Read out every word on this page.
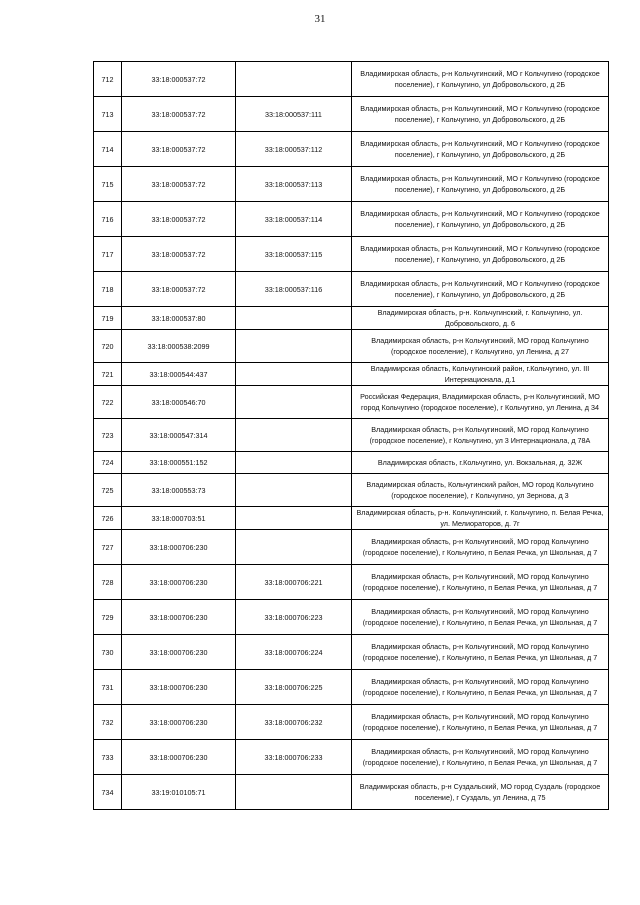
31
712	33:18:000537:72		Владимирская область, р-н Кольчугинский, МО г Кольчугино (городское поселение), г Кольчугино, ул Добровольского, д 2Б
713	33:18:000537:72	33:18:000537:111	Владимирская область, р-н Кольчугинский, МО г Кольчугино (городское поселение), г Кольчугино, ул Добровольского, д 2Б
714	33:18:000537:72	33:18:000537:112	Владимирская область, р-н Кольчугинский, МО г Кольчугино (городское поселение), г Кольчугино, ул Добровольского, д 2Б
715	33:18:000537:72	33:18:000537:113	Владимирская область, р-н Кольчугинский, МО г Кольчугино (городское поселение), г Кольчугино, ул Добровольского, д 2Б
716	33:18:000537:72	33:18:000537:114	Владимирская область, р-н Кольчугинский, МО г Кольчугино (городское поселение), г Кольчугино, ул Добровольского, д 2Б
717	33:18:000537:72	33:18:000537:115	Владимирская область, р-н Кольчугинский, МО г Кольчугино (городское поселение), г Кольчугино, ул Добровольского, д 2Б
718	33:18:000537:72	33:18:000537:116	Владимирская область, р-н Кольчугинский, МО г Кольчугино (городское поселение), г Кольчугино, ул Добровольского, д 2Б
719	33:18:000537:80		Владимирская область, р-н. Кольчугинский, г. Кольчугино, ул. Добровольского, д. 6
720	33:18:000538:2099		Владимирская область, р-н Кольчугинский, МО город Кольчугино (городское поселение), г Кольчугино, ул Ленина, д 27
721	33:18:000544:437		Владимирская область, Кольчугинский район, г.Кольчугино, ул. III Интернационала, д.1
722	33:18:000546:70		Российская Федерация, Владимирская область, р-н Кольчугинский, МО город Кольчугино (городское поселение), г Кольчугино, ул Ленина, д 34
723	33:18:000547:314		Владимирская область, р-н Кольчугинский, МО город Кольчугино (городское поселение), г Кольчугино, ул 3 Интернационала, д 78А
724	33:18:000551:152		Владимирская область, г.Кольчугино, ул. Вокзальная, д. 32Ж
725	33:18:000553:73		Владимирская область, Кольчугинский район, МО город Кольчугино (городское поселение), г Кольчугино, ул Зернова, д 3
726	33:18:000703:51		Владимирская область, р-н. Кольчугинский, г. Кольчугино, п. Белая Речка, ул. Мелиораторов, д. 7г
727	33:18:000706:230		Владимирская область, р-н Кольчугинский, МО город Кольчугино (городское поселение), г Кольчугино, п Белая Речка, ул Школьная, д 7
728	33:18:000706:230	33:18:000706:221	Владимирская область, р-н Кольчугинский, МО город Кольчугино (городское поселение), г Кольчугино, п Белая Речка, ул Школьная, д 7
729	33:18:000706:230	33:18:000706:223	Владимирская область, р-н Кольчугинский, МО город Кольчугино (городское поселение), г Кольчугино, п Белая Речка, ул Школьная, д 7
730	33:18:000706:230	33:18:000706:224	Владимирская область, р-н Кольчугинский, МО город Кольчугино (городское поселение), г Кольчугино, п Белая Речка, ул Школьная, д 7
731	33:18:000706:230	33:18:000706:225	Владимирская область, р-н Кольчугинский, МО город Кольчугино (городское поселение), г Кольчугино, п Белая Речка, ул Школьная, д 7
732	33:18:000706:230	33:18:000706:232	Владимирская область, р-н Кольчугинский, МО город Кольчугино (городское поселение), г Кольчугино, п Белая Речка, ул Школьная, д 7
733	33:18:000706:230	33:18:000706:233	Владимирская область, р-н Кольчугинский, МО город Кольчугино (городское поселение), г Кольчугино, п Белая Речка, ул Школьная, д 7
734	33:19:010105:71		Владимирская область, р-н Суздальский, МО город Суздаль (городское поселение), г Суздаль, ул Ленина, д 75
